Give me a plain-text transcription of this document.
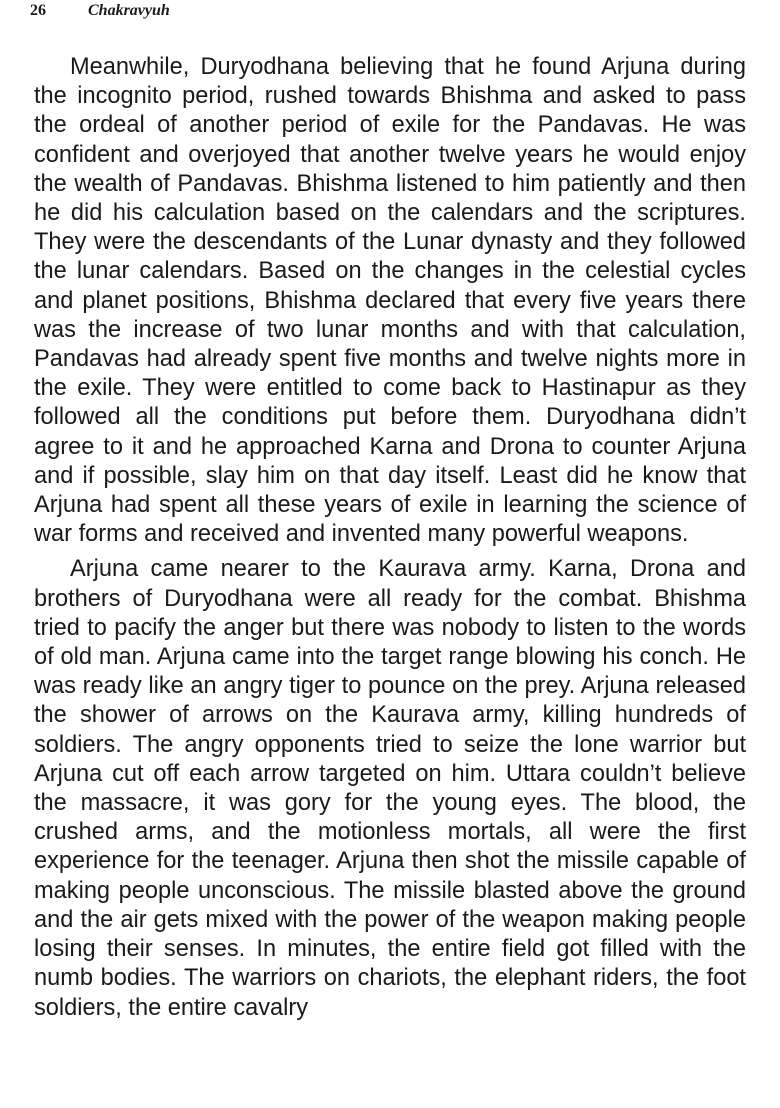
26	Chakravyuh

Meanwhile, Duryodhana believing that he found Arjuna during the incognito period, rushed towards Bhishma and asked to pass the ordeal of another period of exile for the Pandavas. He was confident and overjoyed that another twelve years he would enjoy the wealth of Pandavas. Bhishma listened to him patiently and then he did his calculation based on the calendars and the scriptures. They were the descendants of the Lunar dynasty and they followed the lunar calendars. Based on the changes in the celestial cycles and planet positions, Bhishma declared that every five years there was the increase of two lunar months and with that calculation, Pandavas had already spent five months and twelve nights more in the exile. They were entitled to come back to Hastinapur as they followed all the conditions put before them. Duryodhana didn’t agree to it and he approached Karna and Drona to counter Arjuna and if possible, slay him on that day itself. Least did he know that Arjuna had spent all these years of exile in learning the science of war forms and received and invented many powerful weapons.

Arjuna came nearer to the Kaurava army. Karna, Drona and brothers of Duryodhana were all ready for the combat. Bhishma tried to pacify the anger but there was nobody to listen to the words of old man. Arjuna came into the target range blowing his conch. He was ready like an angry tiger to pounce on the prey. Arjuna released the shower of arrows on the Kaurava army, killing hundreds of soldiers. The angry opponents tried to seize the lone warrior but Arjuna cut off each arrow targeted on him. Uttara couldn’t believe the massacre, it was gory for the young eyes. The blood, the crushed arms, and the motionless mortals, all were the first experience for the teenager. Arjuna then shot the missile capable of making people unconscious. The missile blasted above the ground and the air gets mixed with the power of the weapon making people losing their senses. In minutes, the entire field got filled with the numb bodies. The warriors on chariots, the elephant riders, the foot soldiers, the entire cavalry
